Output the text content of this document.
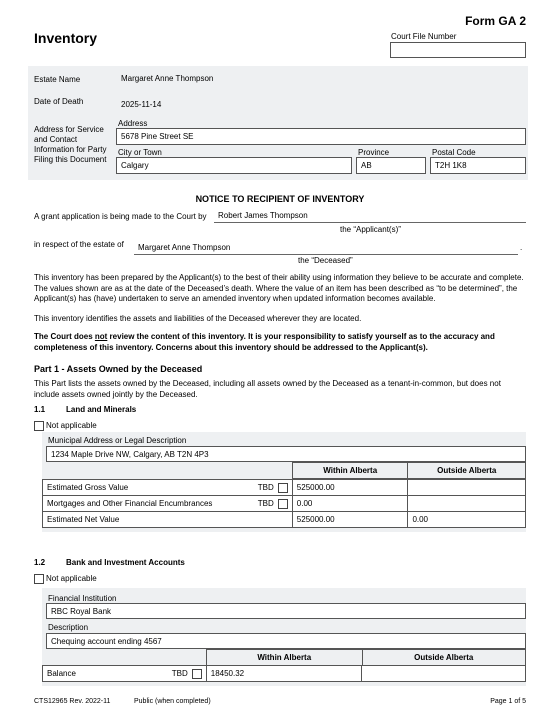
Form GA 2
Inventory	Court File Number
Estate Name	Margaret Anne Thompson
Date of Death	2025-11-14
Address for Service and Contact Information for Party Filing this Document
Address
5678 Pine Street SE
City or Town
Calgary
Province
AB
Postal Code
T2H 1K8
NOTICE TO RECIPIENT OF INVENTORY
A grant application is being made to the Court by Robert James Thompson
the “Applicant(s)”
in respect of the estate of Margaret Anne Thompson	.
the “Deceased”
This inventory has been prepared by the Applicant(s) to the best of their ability using information they believe to be accurate and complete. The values shown are as at the date of the Deceased’s death. Where the value of an item has been described as “to be determined”, the Applicant(s) has (have) undertaken to serve an amended inventory when updated information becomes available.
This inventory identifies the assets and liabilities of the Deceased wherever they are located.
The Court does not review the content of this inventory. It is your responsibility to satisfy yourself as to the accuracy and completeness of this inventory. Concerns about this inventory should be addressed to the Applicant(s).
Part 1 - Assets Owned by the Deceased
This Part lists the assets owned by the Deceased, including all assets owned by the Deceased as a tenant-in-common, but does not include assets owned jointly by the Deceased.
1.1	Land and Minerals
Not applicable
Municipal Address or Legal Description
1234 Maple Drive NW, Calgary, AB T2N 4P3
Within Alberta	Outside Alberta
Estimated Gross Value	TBD	525000.00	
Mortgages and Other Financial Encumbrances	TBD	0.00	
Estimated Net Value		525000.00	0.00
1.2	Bank and Investment Accounts
Not applicable
Financial Institution
RBC Royal Bank
Description
Chequing account ending 4567
Within Alberta	Outside Alberta
Balance	TBD	18450.32	
CTS12965 Rev. 2022-11	Public (when completed)	Page 1 of 5
